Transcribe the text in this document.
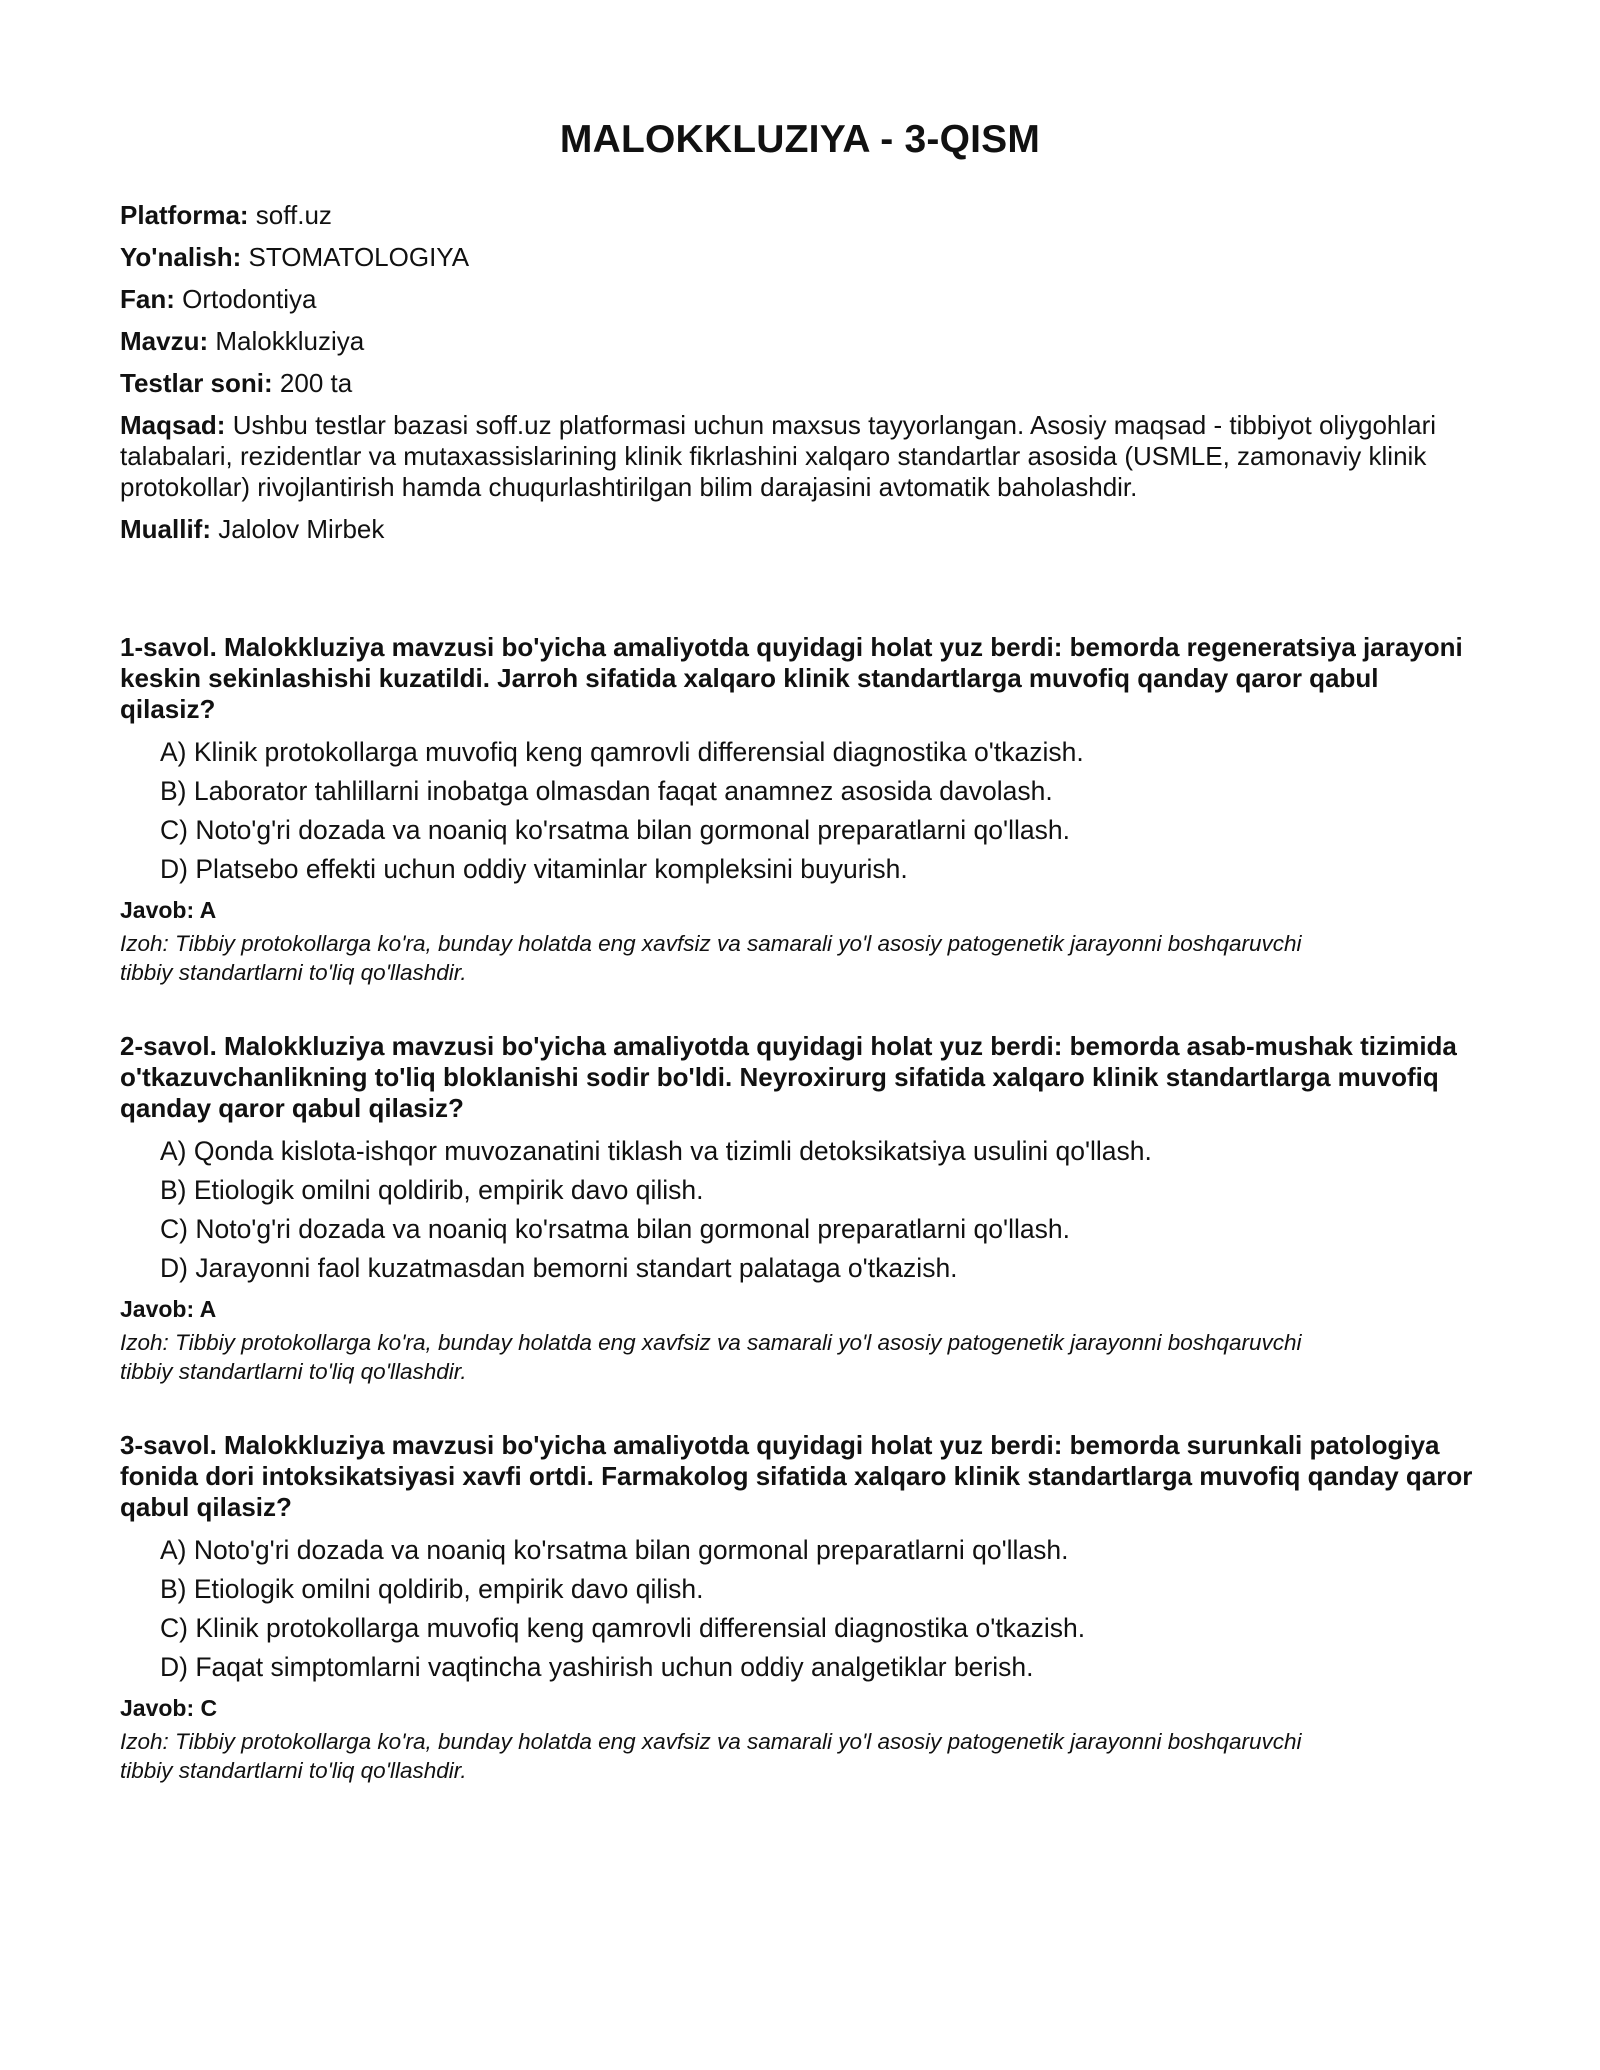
MALOKKLUZIYA - 3-QISM

Platforma: soff.uz

Yo'nalish: STOMATOLOGIYA

Fan: Ortodontiya

Mavzu: Malokkluziya

Testlar soni: 200 ta

Maqsad: Ushbu testlar bazasi soff.uz platformasi uchun maxsus tayyorlangan. Asosiy maqsad - tibbiyot oliygohlari talabalari, rezidentlar va mutaxassislarining klinik fikrlashini xalqaro standartlar asosida (USMLE, zamonaviy klinik protokollar) rivojlantirish hamda chuqurlashtirilgan bilim darajasini avtomatik baholashdir.

Muallif: Jalolov Mirbek

1-savol. Malokkluziya mavzusi bo'yicha amaliyotda quyidagi holat yuz berdi: bemorda regeneratsiya jarayoni keskin sekinlashishi kuzatildi. Jarroh sifatida xalqaro klinik standartlarga muvofiq qanday qaror qabul qilasiz?

A) Klinik protokollarga muvofiq keng qamrovli differensial diagnostika o'tkazish.
B) Laborator tahlillarni inobatga olmasdan faqat anamnez asosida davolash.
C) Noto'g'ri dozada va noaniq ko'rsatma bilan gormonal preparatlarni qo'llash.
D) Platsebo effekti uchun oddiy vitaminlar kompleksini buyurish.

Javob: A

Izoh: Tibbiy protokollarga ko'ra, bunday holatda eng xavfsiz va samarali yo'l asosiy patogenetik jarayonni boshqaruvchi tibbiy standartlarni to'liq qo'llashdir.

2-savol. Malokkluziya mavzusi bo'yicha amaliyotda quyidagi holat yuz berdi: bemorda asab-mushak tizimida o'tkazuvchanlikning to'liq bloklanishi sodir bo'ldi. Neyroxirurg sifatida xalqaro klinik standartlarga muvofiq qanday qaror qabul qilasiz?

A) Qonda kislota-ishqor muvozanatini tiklash va tizimli detoksikatsiya usulini qo'llash.
B) Etiologik omilni qoldirib, empirik davo qilish.
C) Noto'g'ri dozada va noaniq ko'rsatma bilan gormonal preparatlarni qo'llash.
D) Jarayonni faol kuzatmasdan bemorni standart palataga o'tkazish.

Javob: A

Izoh: Tibbiy protokollarga ko'ra, bunday holatda eng xavfsiz va samarali yo'l asosiy patogenetik jarayonni boshqaruvchi tibbiy standartlarni to'liq qo'llashdir.

3-savol. Malokkluziya mavzusi bo'yicha amaliyotda quyidagi holat yuz berdi: bemorda surunkali patologiya fonida dori intoksikatsiyasi xavfi ortdi. Farmakolog sifatida xalqaro klinik standartlarga muvofiq qanday qaror qabul qilasiz?

A) Noto'g'ri dozada va noaniq ko'rsatma bilan gormonal preparatlarni qo'llash.
B) Etiologik omilni qoldirib, empirik davo qilish.
C) Klinik protokollarga muvofiq keng qamrovli differensial diagnostika o'tkazish.
D) Faqat simptomlarni vaqtincha yashirish uchun oddiy analgetiklar berish.

Javob: C

Izoh: Tibbiy protokollarga ko'ra, bunday holatda eng xavfsiz va samarali yo'l asosiy patogenetik jarayonni boshqaruvchi tibbiy standartlarni to'liq qo'llashdir.
